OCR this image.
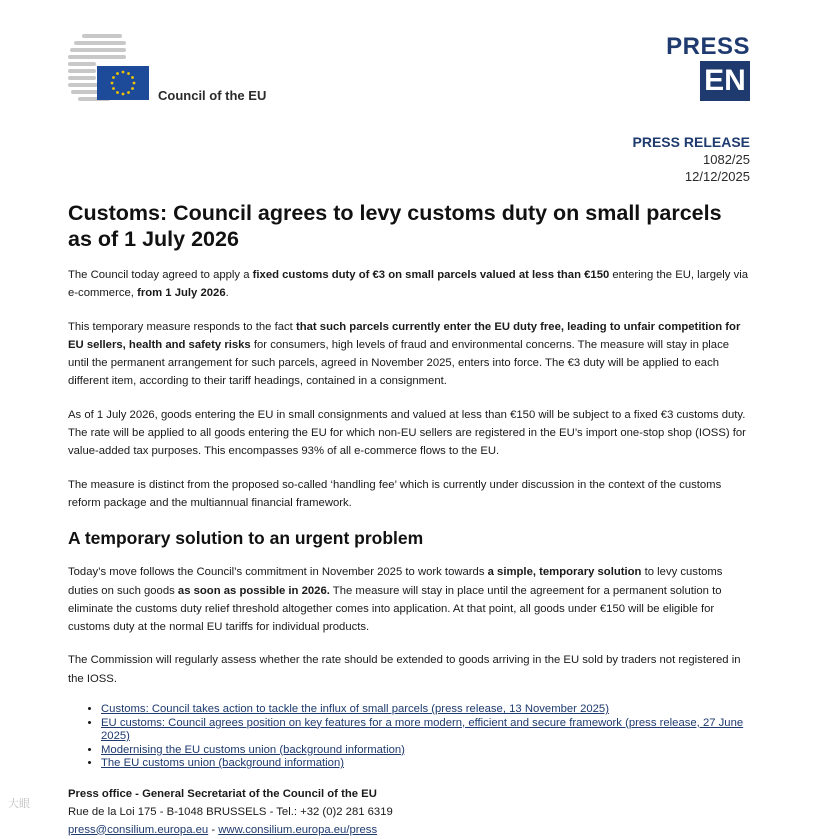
Council of the EU
PRESS
EN
PRESS RELEASE
1082/25
12/12/2025
Customs: Council agrees to levy customs duty on small parcels as of 1 July 2026

The Council today agreed to apply a fixed customs duty of €3 on small parcels valued at less than €150 entering the EU, largely via e-commerce, from 1 July 2026.

This temporary measure responds to the fact that such parcels currently enter the EU duty free, leading to unfair competition for EU sellers, health and safety risks for consumers, high levels of fraud and environmental concerns. The measure will stay in place until the permanent arrangement for such parcels, agreed in November 2025, enters into force. The €3 duty will be applied to each different item, according to their tariff headings, contained in a consignment.

As of 1 July 2026, goods entering the EU in small consignments and valued at less than €150 will be subject to a fixed €3 customs duty. The rate will be applied to all goods entering the EU for which non-EU sellers are registered in the EU’s import one-stop shop (IOSS) for value-added tax purposes. This encompasses 93% of all e-commerce flows to the EU.

The measure is distinct from the proposed so-called ‘handling fee’ which is currently under discussion in the context of the customs reform package and the multiannual financial framework.

A temporary solution to an urgent problem

Today’s move follows the Council’s commitment in November 2025 to work towards a simple, temporary solution to levy customs duties on such goods as soon as possible in 2026. The measure will stay in place until the agreement for a permanent solution to eliminate the customs duty relief threshold altogether comes into application. At that point, all goods under €150 will be eligible for customs duty at the normal EU tariffs for individual products.

The Commission will regularly assess whether the rate should be extended to goods arriving in the EU sold by traders not registered in the IOSS.

• Customs: Council takes action to tackle the influx of small parcels (press release, 13 November 2025)
• EU customs: Council agrees position on key features for a more modern, efficient and secure framework (press release, 27 June 2025)
• Modernising the EU customs union (background information)
• The EU customs union (background information)
Press office - General Secretariat of the Council of the EU
Rue de la Loi 175 - B-1048 BRUSSELS - Tel.: +32 (0)2 281 6319
press@consilium.europa.eu - www.consilium.europa.eu/press
大眼
